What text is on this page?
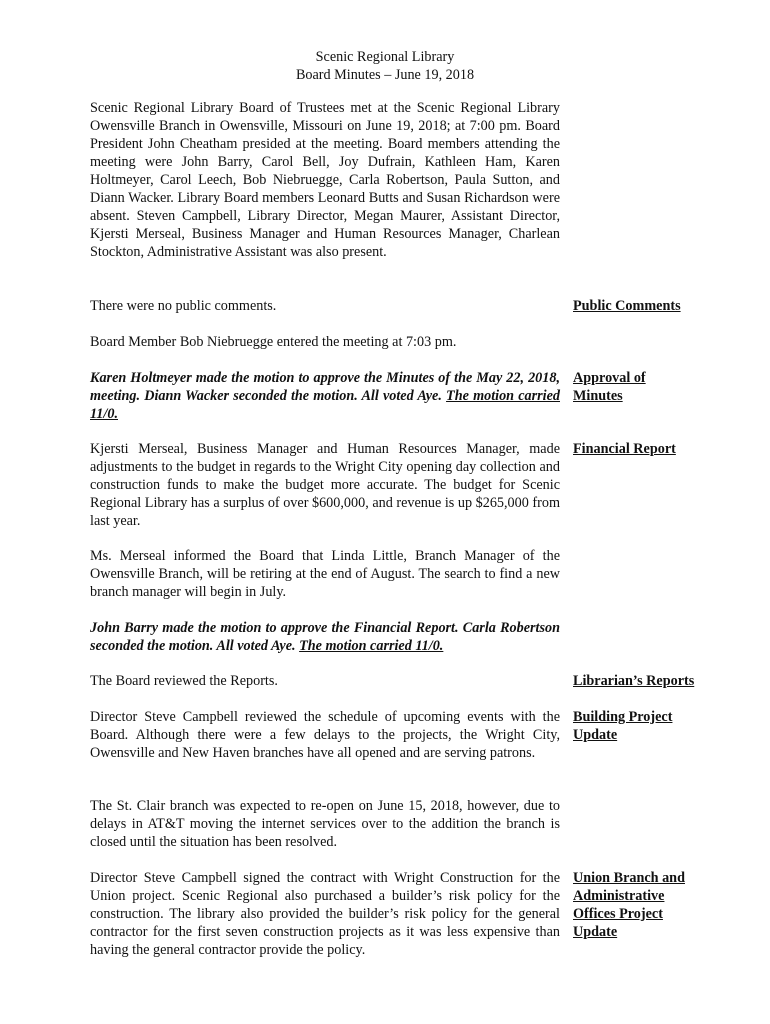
Scenic Regional Library
Board Minutes – June 19, 2018
Scenic Regional Library Board of Trustees met at the Scenic Regional Library Owensville Branch in Owensville, Missouri on June 19, 2018; at 7:00 pm. Board President John Cheatham presided at the meeting. Board members attending the meeting were John Barry, Carol Bell, Joy Dufrain, Kathleen Ham, Karen Holtmeyer, Carol Leech, Bob Niebruegge, Carla Robertson, Paula Sutton, and Diann Wacker. Library Board members Leonard Butts and Susan Richardson were absent. Steven Campbell, Library Director, Megan Maurer, Assistant Director, Kjersti Merseal, Business Manager and Human Resources Manager, Charlean Stockton, Administrative Assistant was also present.
There were no public comments.	Public Comments
Board Member Bob Niebruegge entered the meeting at 7:03 pm.
Karen Holtmeyer made the motion to approve the Minutes of the May 22, 2018, meeting. Diann Wacker seconded the motion. All voted Aye. The motion carried 11/0.
Approval of Minutes
Kjersti Merseal, Business Manager and Human Resources Manager, made adjustments to the budget in regards to the Wright City opening day collection and construction funds to make the budget more accurate. The budget for Scenic Regional Library has a surplus of over $600,000, and revenue is up $265,000 from last year.
Financial Report
Ms. Merseal informed the Board that Linda Little, Branch Manager of the Owensville Branch, will be retiring at the end of August. The search to find a new branch manager will begin in July.
John Barry made the motion to approve the Financial Report. Carla Robertson seconded the motion. All voted Aye. The motion carried 11/0.
The Board reviewed the Reports.	Librarian’s Reports
Director Steve Campbell reviewed the schedule of upcoming events with the Board. Although there were a few delays to the projects, the Wright City, Owensville and New Haven branches have all opened and are serving patrons.
Building Project Update
The St. Clair branch was expected to re-open on June 15, 2018, however, due to delays in AT&T moving the internet services over to the addition the branch is closed until the situation has been resolved.
Director Steve Campbell signed the contract with Wright Construction for the Union project. Scenic Regional also purchased a builder’s risk policy for the construction. The library also provided the builder’s risk policy for the general contractor for the first seven construction projects as it was less expensive than having the general contractor provide the policy.
Union Branch and Administrative Offices Project Update
